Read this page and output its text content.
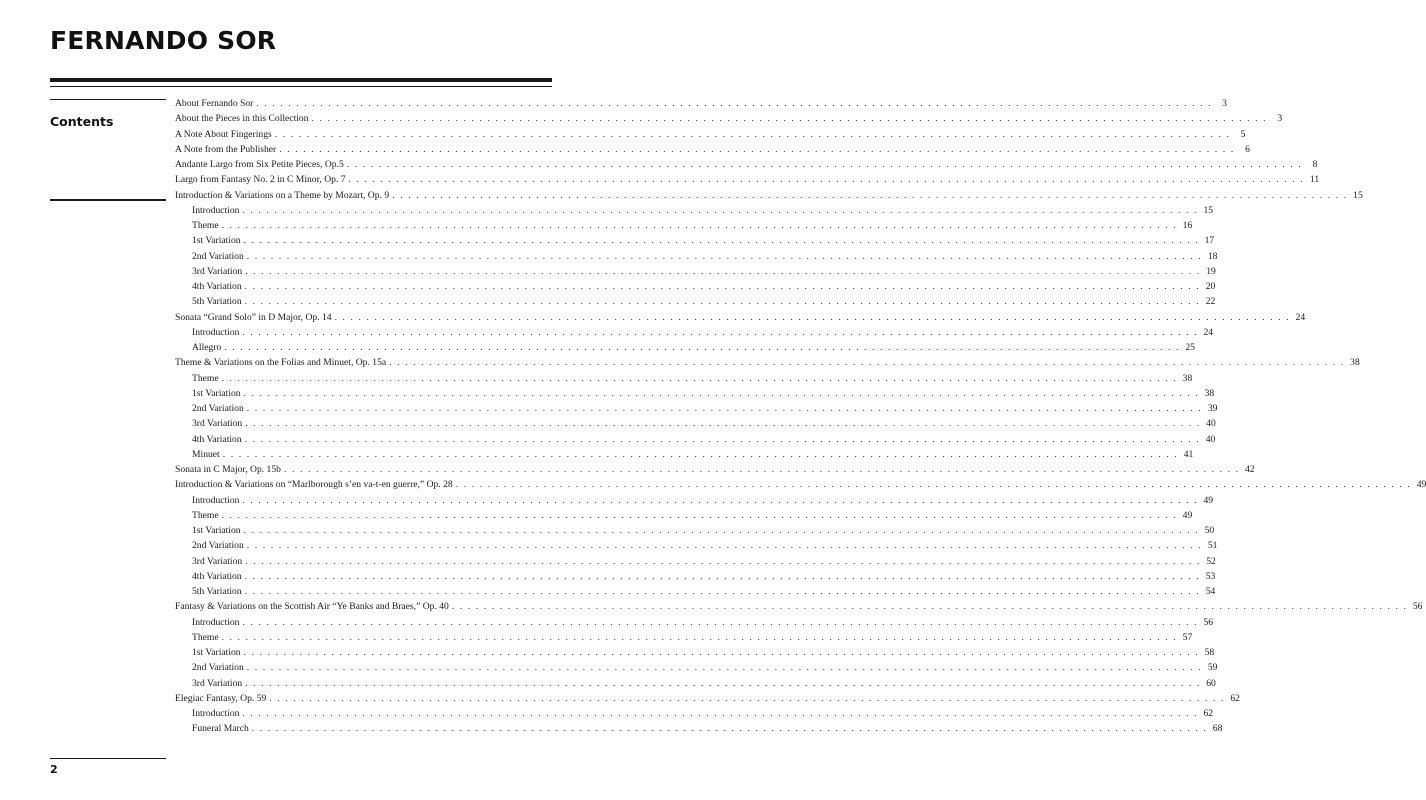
FERNANDO SOR
Contents
About Fernando Sor . . . . . . . . . . . . . . . . . . . . . . . . . . . . . . . . . . . . . . . . . . . . . . . . . . . . . . . . . . . . . . . . . . . . . . . . . . . . . . . . . . . . . . . . . . . . . . . . . . . . . . . . . . . . . . . . . . . . . . . .	3
About the Pieces in this Collection . . . . . . . . . . . . . . . . . . . . . . . . . . . . . . . . . . . . . . . . . . . . . . . . . . . . . . . . . . . . . . . . . . . . . . . . . . . . . . . . . . . . . . . . . . . . . . . . . . . . . . . . . . . . . . . . . . . . . . . .	3
A Note About Fingerings . . . . . . . . . . . . . . . . . . . . . . . . . . . . . . . . . . . . . . . . . . . . . . . . . . . . . . . . . . . . . . . . . . . . . . . . . . . . . . . . . . . . . . . . . . . . . . . . . . . . . . . . . . . . . . . . . . . . . . . .	5
A Note from the Publisher . . . . . . . . . . . . . . . . . . . . . . . . . . . . . . . . . . . . . . . . . . . . . . . . . . . . . . . . . . . . . . . . . . . . . . . . . . . . . . . . . . . . . . . . . . . . . . . . . . . . . . . . . . . . . . . . . . . . . . . .	6
Andante Largo from Six Petite Pieces, Op.5 . . . . . . . . . . . . . . . . . . . . . . . . . . . . . . . . . . . . . . . . . . . . . . . . . . . . . . . . . . . . . . . . . . . . . . . . . . . . . . . . . . . . . . . . . . . . . . . . . . . . . . . . . . . . . . . . . . . . . . . .	8
Largo from Fantasy No. 2 in C Minor, Op. 7 . . . . . . . . . . . . . . . . . . . . . . . . . . . . . . . . . . . . . . . . . . . . . . . . . . . . . . . . . . . . . . . . . . . . . . . . . . . . . . . . . . . . . . . . . . . . . . . . . . . . . . . . . . . . . . . . . . . . . . . . 11
Introduction & Variations on a Theme by Mozart, Op. 9 . . . . . . . . . . . . . . . . . . . . . . . . . . . . . . . . . . . . . . . . . . . . . . . . . . . . . . . . . . . . . . . . . . . . . . . . . . . . . . . . . . . . . . . . . . . . . . . . . . . . . . . . . . . . . . . . . . . . . . . . 15
Introduction . . . . . . . . . . . . . . . . . . . . . . . . . . . . . . . . . . . . . . . . . . . . . . . . . . . . . . . . . . . . . . . . . . . . . . . . . . . . . . . . . . . . . . . . . . . . . . . . . . . . . . . . . . . . . . . . . . . . . . . . 15
Theme . . . . . . . . . . . . . . . . . . . . . . . . . . . . . . . . . . . . . . . . . . . . . . . . . . . . . . . . . . . . . . . . . . . . . . . . . . . . . . . . . . . . . . . . . . . . . . . . . . . . . . . . . . . . . . . . . . . . . . . . 16
1st Variation . . . . . . . . . . . . . . . . . . . . . . . . . . . . . . . . . . . . . . . . . . . . . . . . . . . . . . . . . . . . . . . . . . . . . . . . . . . . . . . . . . . . . . . . . . . . . . . . . . . . . . . . . . . . . . . . . . . . . . . . 17
2nd Variation . . . . . . . . . . . . . . . . . . . . . . . . . . . . . . . . . . . . . . . . . . . . . . . . . . . . . . . . . . . . . . . . . . . . . . . . . . . . . . . . . . . . . . . . . . . . . . . . . . . . . . . . . . . . . . . . . . . . . . . . 18
3rd Variation . . . . . . . . . . . . . . . . . . . . . . . . . . . . . . . . . . . . . . . . . . . . . . . . . . . . . . . . . . . . . . . . . . . . . . . . . . . . . . . . . . . . . . . . . . . . . . . . . . . . . . . . . . . . . . . . . . . . . . . . 19
4th Variation . . . . . . . . . . . . . . . . . . . . . . . . . . . . . . . . . . . . . . . . . . . . . . . . . . . . . . . . . . . . . . . . . . . . . . . . . . . . . . . . . . . . . . . . . . . . . . . . . . . . . . . . . . . . . . . . . . . . . . . . 20
5th Variation . . . . . . . . . . . . . . . . . . . . . . . . . . . . . . . . . . . . . . . . . . . . . . . . . . . . . . . . . . . . . . . . . . . . . . . . . . . . . . . . . . . . . . . . . . . . . . . . . . . . . . . . . . . . . . . . . . . . . . . . 22
Sonata “Grand Solo” in D Major, Op. 14 . . . . . . . . . . . . . . . . . . . . . . . . . . . . . . . . . . . . . . . . . . . . . . . . . . . . . . . . . . . . . . . . . . . . . . . . . . . . . . . . . . . . . . . . . . . . . . . . . . . . . . . . . . . . . . . . . . . . . . . . 24
Introduction . . . . . . . . . . . . . . . . . . . . . . . . . . . . . . . . . . . . . . . . . . . . . . . . . . . . . . . . . . . . . . . . . . . . . . . . . . . . . . . . . . . . . . . . . . . . . . . . . . . . . . . . . . . . . . . . . . . . . . . . 24
Allegro . . . . . . . . . . . . . . . . . . . . . . . . . . . . . . . . . . . . . . . . . . . . . . . . . . . . . . . . . . . . . . . . . . . . . . . . . . . . . . . . . . . . . . . . . . . . . . . . . . . . . . . . . . . . . . . . . . . . . . . . 25
Theme & Variations on the Folias and Minuet, Op. 15a . . . . . . . . . . . . . . . . . . . . . . . . . . . . . . . . . . . . . . . . . . . . . . . . . . . . . . . . . . . . . . . . . . . . . . . . . . . . . . . . . . . . . . . . . . . . . . . . . . . . . . . . . . . . . . . . . . . . . . . . 38
Theme . . . . . . . . . . . . . . . . . . . . . . . . . . . . . . . . . . . . . . . . . . . . . . . . . . . . . . . . . . . . . . . . . . . . . . . . . . . . . . . . . . . . . . . . . . . . . . . . . . . . . . . . . . . . . . . . . . . . . . . . 38
1st Variation . . . . . . . . . . . . . . . . . . . . . . . . . . . . . . . . . . . . . . . . . . . . . . . . . . . . . . . . . . . . . . . . . . . . . . . . . . . . . . . . . . . . . . . . . . . . . . . . . . . . . . . . . . . . . . . . . . . . . . . . 38
2nd Variation . . . . . . . . . . . . . . . . . . . . . . . . . . . . . . . . . . . . . . . . . . . . . . . . . . . . . . . . . . . . . . . . . . . . . . . . . . . . . . . . . . . . . . . . . . . . . . . . . . . . . . . . . . . . . . . . . . . . . . . . 39
3rd Variation . . . . . . . . . . . . . . . . . . . . . . . . . . . . . . . . . . . . . . . . . . . . . . . . . . . . . . . . . . . . . . . . . . . . . . . . . . . . . . . . . . . . . . . . . . . . . . . . . . . . . . . . . . . . . . . . . . . . . . . . 40
4th Variation . . . . . . . . . . . . . . . . . . . . . . . . . . . . . . . . . . . . . . . . . . . . . . . . . . . . . . . . . . . . . . . . . . . . . . . . . . . . . . . . . . . . . . . . . . . . . . . . . . . . . . . . . . . . . . . . . . . . . . . . 40
Minuet . . . . . . . . . . . . . . . . . . . . . . . . . . . . . . . . . . . . . . . . . . . . . . . . . . . . . . . . . . . . . . . . . . . . . . . . . . . . . . . . . . . . . . . . . . . . . . . . . . . . . . . . . . . . . . . . . . . . . . . . 41
Sonata in C Major, Op. 15b . . . . . . . . . . . . . . . . . . . . . . . . . . . . . . . . . . . . . . . . . . . . . . . . . . . . . . . . . . . . . . . . . . . . . . . . . . . . . . . . . . . . . . . . . . . . . . . . . . . . . . . . . . . . . . . . . . . . . . . . 42
Introduction & Variations on “Marlborough s’en va-t-en guerre,” Op. 28 . . . . . . . . . . . . . . . . . . . . . . . . . . . . . . . . . . . . . . . . . . . . . . . . . . . . . . . . . . . . . . . . . . . . . . . . . . . . . . . . . . . . . . . . . . . . . . . . . . . . . . . . . . . . . . . . . . . . . . . . 49
Introduction . . . . . . . . . . . . . . . . . . . . . . . . . . . . . . . . . . . . . . . . . . . . . . . . . . . . . . . . . . . . . . . . . . . . . . . . . . . . . . . . . . . . . . . . . . . . . . . . . . . . . . . . . . . . . . . . . . . . . . . . 49
Theme . . . . . . . . . . . . . . . . . . . . . . . . . . . . . . . . . . . . . . . . . . . . . . . . . . . . . . . . . . . . . . . . . . . . . . . . . . . . . . . . . . . . . . . . . . . . . . . . . . . . . . . . . . . . . . . . . . . . . . . . 49
1st Variation . . . . . . . . . . . . . . . . . . . . . . . . . . . . . . . . . . . . . . . . . . . . . . . . . . . . . . . . . . . . . . . . . . . . . . . . . . . . . . . . . . . . . . . . . . . . . . . . . . . . . . . . . . . . . . . . . . . . . . . . 50
2nd Variation . . . . . . . . . . . . . . . . . . . . . . . . . . . . . . . . . . . . . . . . . . . . . . . . . . . . . . . . . . . . . . . . . . . . . . . . . . . . . . . . . . . . . . . . . . . . . . . . . . . . . . . . . . . . . . . . . . . . . . . . 51
3rd Variation . . . . . . . . . . . . . . . . . . . . . . . . . . . . . . . . . . . . . . . . . . . . . . . . . . . . . . . . . . . . . . . . . . . . . . . . . . . . . . . . . . . . . . . . . . . . . . . . . . . . . . . . . . . . . . . . . . . . . . . . 52
4th Variation . . . . . . . . . . . . . . . . . . . . . . . . . . . . . . . . . . . . . . . . . . . . . . . . . . . . . . . . . . . . . . . . . . . . . . . . . . . . . . . . . . . . . . . . . . . . . . . . . . . . . . . . . . . . . . . . . . . . . . . . 53
5th Variation . . . . . . . . . . . . . . . . . . . . . . . . . . . . . . . . . . . . . . . . . . . . . . . . . . . . . . . . . . . . . . . . . . . . . . . . . . . . . . . . . . . . . . . . . . . . . . . . . . . . . . . . . . . . . . . . . . . . . . . . 54
Fantasy & Variations on the Scottish Air “Ye Banks and Braes,” Op. 40 . . . . . . . . . . . . . . . . . . . . . . . . . . . . . . . . . . . . . . . . . . . . . . . . . . . . . . . . . . . . . . . . . . . . . . . . . . . . . . . . . . . . . . . . . . . . . . . . . . . . . . . . . . . . . . . . . . . . . . . . 56
Introduction . . . . . . . . . . . . . . . . . . . . . . . . . . . . . . . . . . . . . . . . . . . . . . . . . . . . . . . . . . . . . . . . . . . . . . . . . . . . . . . . . . . . . . . . . . . . . . . . . . . . . . . . . . . . . . . . . . . . . . . . 56
Theme . . . . . . . . . . . . . . . . . . . . . . . . . . . . . . . . . . . . . . . . . . . . . . . . . . . . . . . . . . . . . . . . . . . . . . . . . . . . . . . . . . . . . . . . . . . . . . . . . . . . . . . . . . . . . . . . . . . . . . . . 57
1st Variation . . . . . . . . . . . . . . . . . . . . . . . . . . . . . . . . . . . . . . . . . . . . . . . . . . . . . . . . . . . . . . . . . . . . . . . . . . . . . . . . . . . . . . . . . . . . . . . . . . . . . . . . . . . . . . . . . . . . . . . . 58
2nd Variation . . . . . . . . . . . . . . . . . . . . . . . . . . . . . . . . . . . . . . . . . . . . . . . . . . . . . . . . . . . . . . . . . . . . . . . . . . . . . . . . . . . . . . . . . . . . . . . . . . . . . . . . . . . . . . . . . . . . . . . . 59
3rd Variation . . . . . . . . . . . . . . . . . . . . . . . . . . . . . . . . . . . . . . . . . . . . . . . . . . . . . . . . . . . . . . . . . . . . . . . . . . . . . . . . . . . . . . . . . . . . . . . . . . . . . . . . . . . . . . . . . . . . . . . . 60
Elegiac Fantasy, Op. 59 . . . . . . . . . . . . . . . . . . . . . . . . . . . . . . . . . . . . . . . . . . . . . . . . . . . . . . . . . . . . . . . . . . . . . . . . . . . . . . . . . . . . . . . . . . . . . . . . . . . . . . . . . . . . . . . . . . . . . . . . 62
Introduction . . . . . . . . . . . . . . . . . . . . . . . . . . . . . . . . . . . . . . . . . . . . . . . . . . . . . . . . . . . . . . . . . . . . . . . . . . . . . . . . . . . . . . . . . . . . . . . . . . . . . . . . . . . . . . . . . . . . . . . . 62
Funeral March . . . . . . . . . . . . . . . . . . . . . . . . . . . . . . . . . . . . . . . . . . . . . . . . . . . . . . . . . . . . . . . . . . . . . . . . . . . . . . . . . . . . . . . . . . . . . . . . . . . . . . . . . . . . . . . . . . . . . . . . 68
2
